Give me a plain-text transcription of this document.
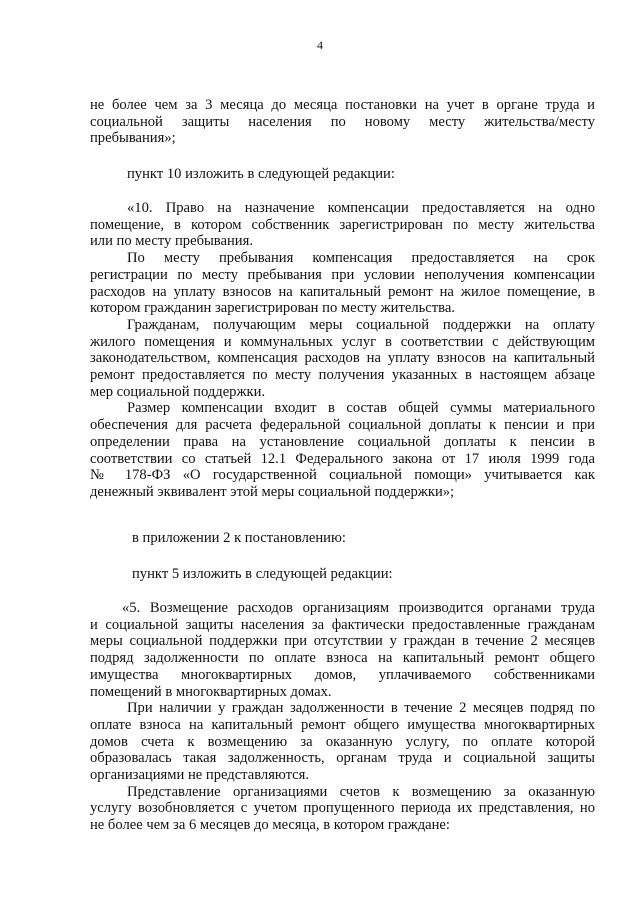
4
не более чем за 3 месяца до месяца постановки на учет в органе труда и
социальной защиты населения по новому месту жительства/месту
пребывания»;
пункт 10 изложить в следующей редакции:
«10. Право на назначение компенсации предоставляется на одно
помещение, в котором собственник зарегистрирован по месту жительства
или по месту пребывания.
По месту пребывания компенсация предоставляется на срок
регистрации по месту пребывания при условии неполучения компенсации
расходов на уплату взносов на капитальный ремонт на жилое помещение, в
котором гражданин зарегистрирован по месту жительства.
Гражданам, получающим меры социальной поддержки на оплату
жилого помещения и коммунальных услуг в соответствии с действующим
законодательством, компенсация расходов на уплату взносов на капитальный
ремонт предоставляется по месту получения указанных в настоящем абзаце
мер социальной поддержки.
Размер компенсации входит в состав общей суммы материального
обеспечения для расчета федеральной социальной доплаты к пенсии и при
определении права на установление социальной доплаты к пенсии в
соответствии со статьей 12.1 Федерального закона от 17 июля 1999 года
№ 178-ФЗ «О государственной социальной помощи» учитывается как
денежный эквивалент этой меры социальной поддержки»;
в приложении 2 к постановлению:
пункт 5 изложить в следующей редакции:
«5. Возмещение расходов организациям производится органами труда
и социальной защиты населения за фактически предоставленные гражданам
меры социальной поддержки при отсутствии у граждан в течение 2 месяцев
подряд задолженности по оплате взноса на капитальный ремонт общего
имущества многоквартирных домов, уплачиваемого собственниками
помещений в многоквартирных домах.
При наличии у граждан задолженности в течение 2 месяцев подряд по
оплате взноса на капитальный ремонт общего имущества многоквартирных
домов счета к возмещению за оказанную услугу, по оплате которой
образовалась такая задолженность, органам труда и социальной защиты
организациями не представляются.
Представление организациями счетов к возмещению за оказанную
услугу возобновляется с учетом пропущенного периода их представления, но
не более чем за 6 месяцев до месяца, в котором граждане:
